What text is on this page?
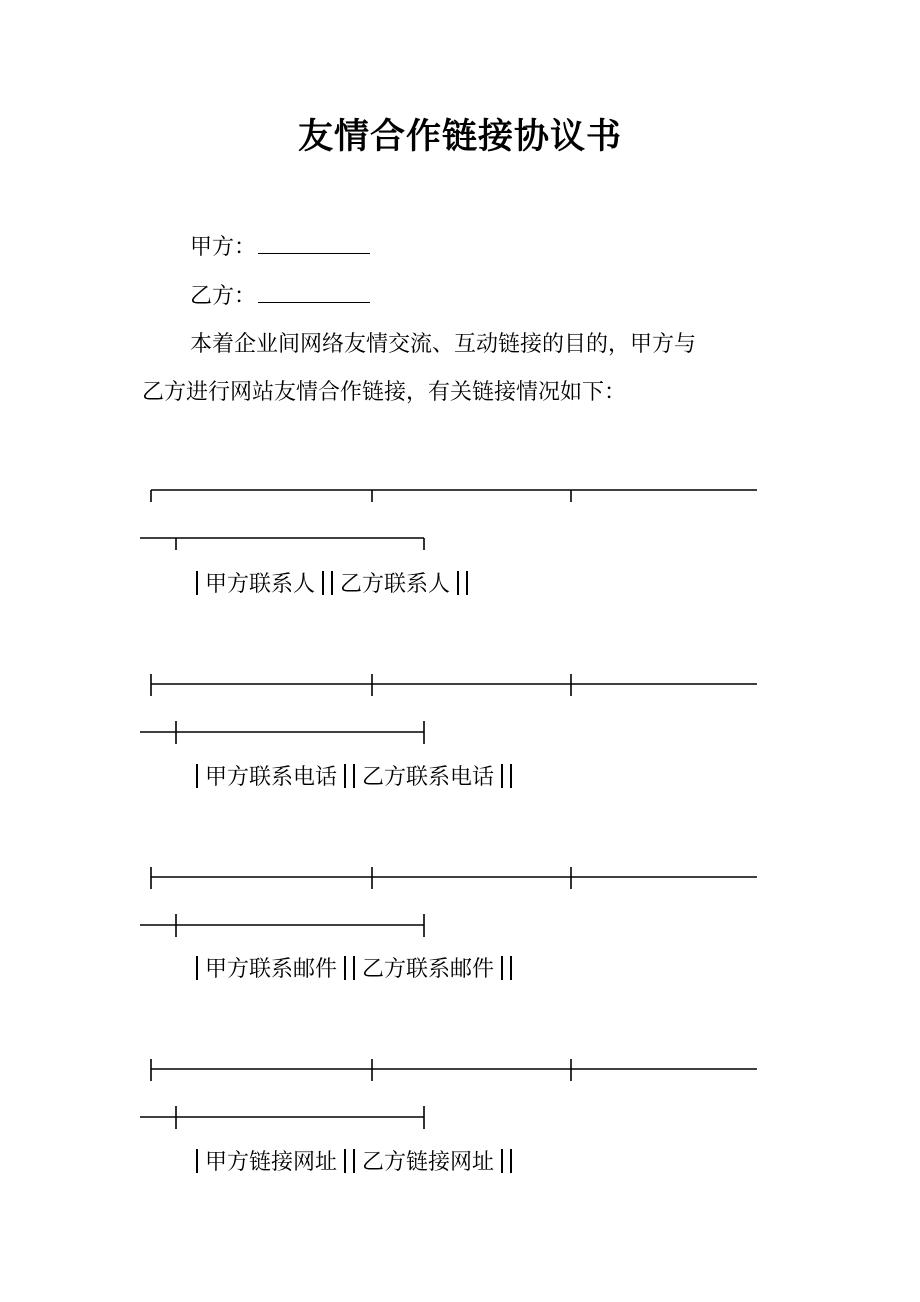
友情合作链接协议书
甲方：
乙方：
本着企业间网络友情交流、互动链接的目的，甲方与
乙方进行网站友情合作链接，有关链接情况如下：
甲方联系人 乙方联系人
甲方联系电话 乙方联系电话
甲方联系邮件 乙方联系邮件
甲方链接网址 乙方链接网址
